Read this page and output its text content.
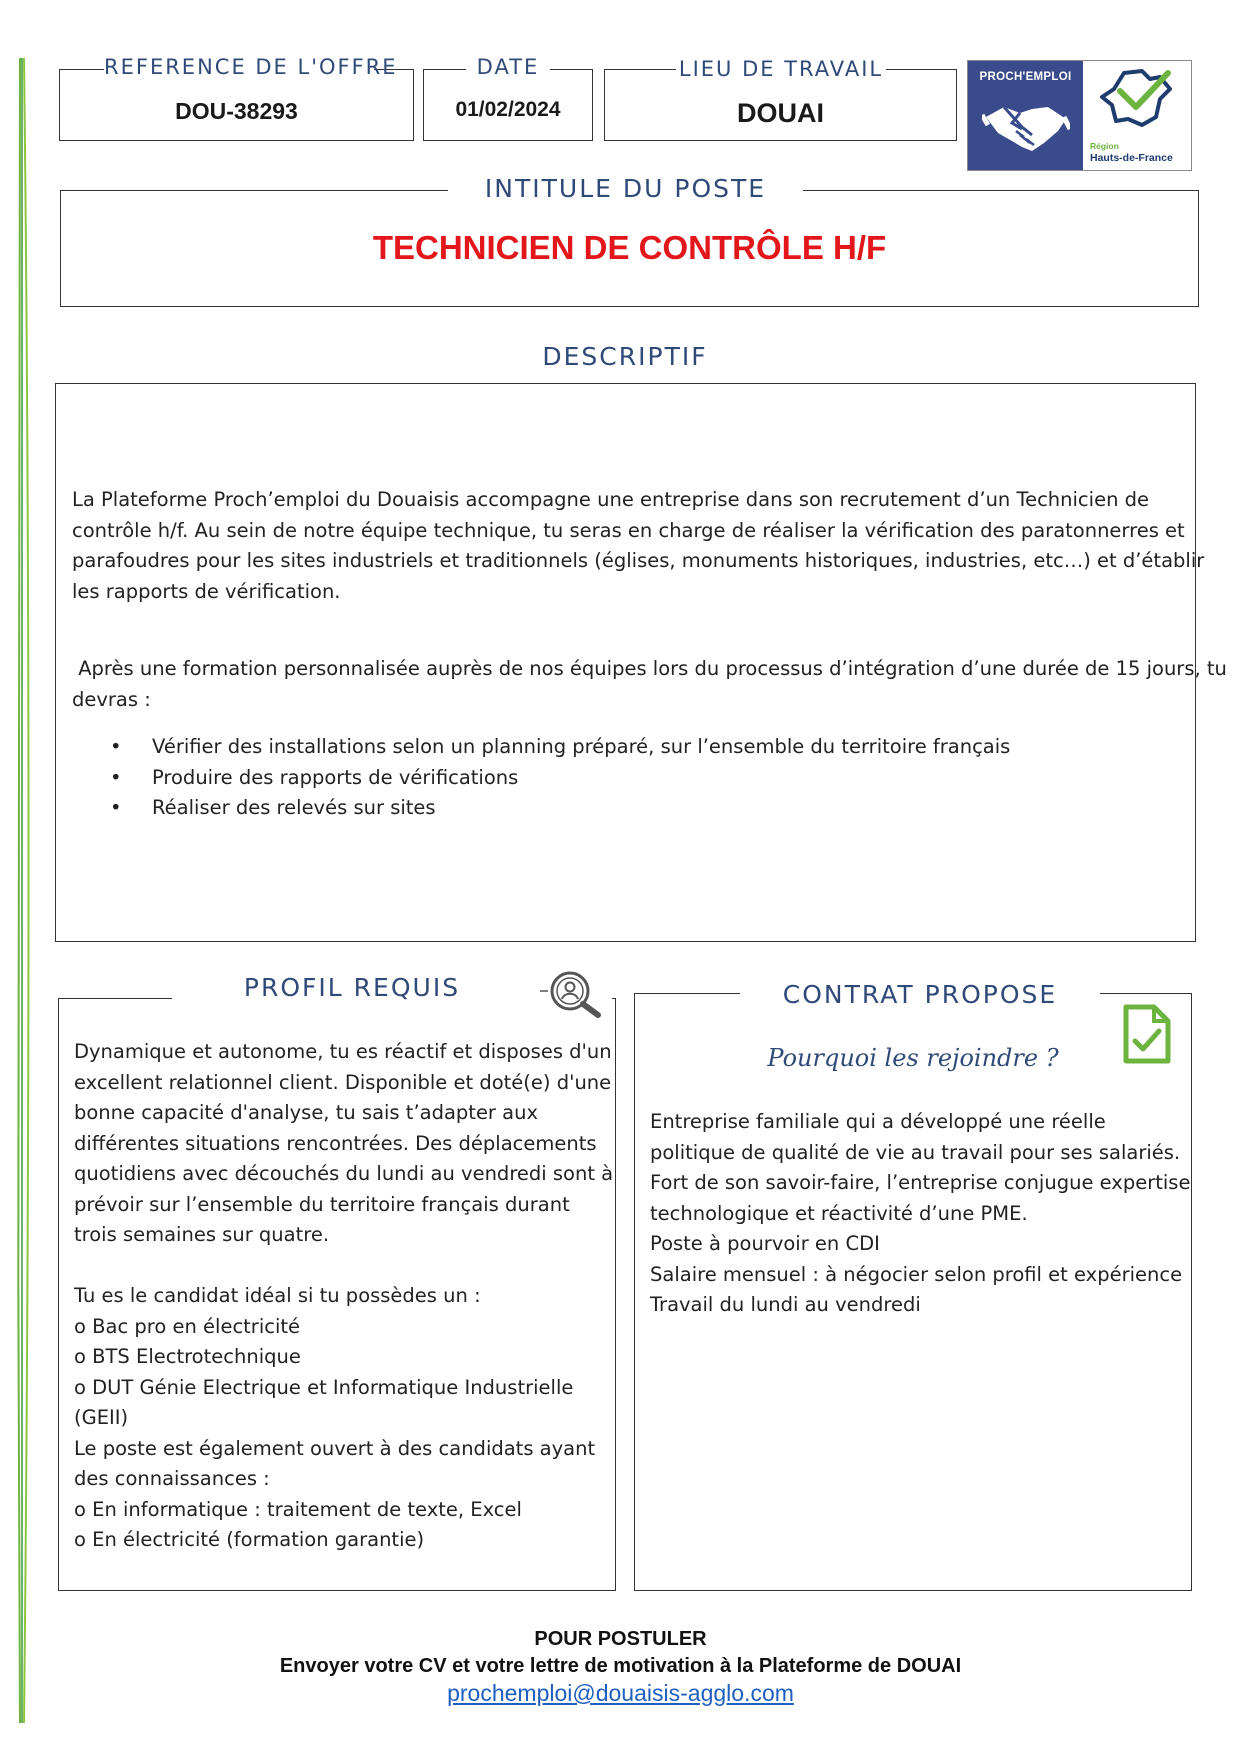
DOU-38293
REFERENCE DE L'OFFRE
01/02/2024
DATE
DOUAI
LIEU DE TRAVAIL	PROCH'EMPLOI
Région
Hauts-de-France
TECHNICIEN DE CONTRÔLE H/F
INTITULE DU POSTE
La Plateforme Proch’emploi du Douaisis accompagne une entreprise dans son recrutement d’un Technicien de
contrôle h/f. Au sein de notre équipe technique, tu seras en charge de réaliser la vérification des paratonnerres et
parafoudres pour les sites industriels et traditionnels (églises, monuments historiques, industries, etc…) et d’établir
les rapports de vérification.
Après une formation personnalisée auprès de nos équipes lors du processus d’intégration d’une durée de 15 jours, tu
devras :
• Vérifier des installations selon un planning préparé, sur l’ensemble du territoire français
• Produire des rapports de vérifications
• Réaliser des relevés sur sites
DESCRIPTIF
Dynamique et autonome, tu es réactif et disposes d'un
excellent relationnel client. Disponible et doté(e) d'une
bonne capacité d'analyse, tu sais t’adapter aux
différentes situations rencontrées. Des déplacements
quotidiens avec découchés du lundi au vendredi sont à
prévoir sur l’ensemble du territoire français durant
trois semaines sur quatre.
Tu es le candidat idéal si tu possèdes un :
o Bac pro en électricité
o BTS Electrotechnique
o DUT Génie Electrique et Informatique Industrielle
(GEII)
Le poste est également ouvert à des candidats ayant
des connaissances :
o En informatique : traitement de texte, Excel
o En électricité (formation garantie)
PROFIL REQUIS
Pourquoi les rejoindre ?
Entreprise familiale qui a développé une réelle
politique de qualité de vie au travail pour ses salariés.
Fort de son savoir-faire, l’entreprise conjugue expertise
technologique et réactivité d’une PME.
Poste à pourvoir en CDI
Salaire mensuel : à négocier selon profil et expérience
Travail du lundi au vendredi
CONTRAT PROPOSE
POUR POSTULER
Envoyer votre CV et votre lettre de motivation à la Plateforme de DOUAI
prochemploi@douaisis-agglo.com
